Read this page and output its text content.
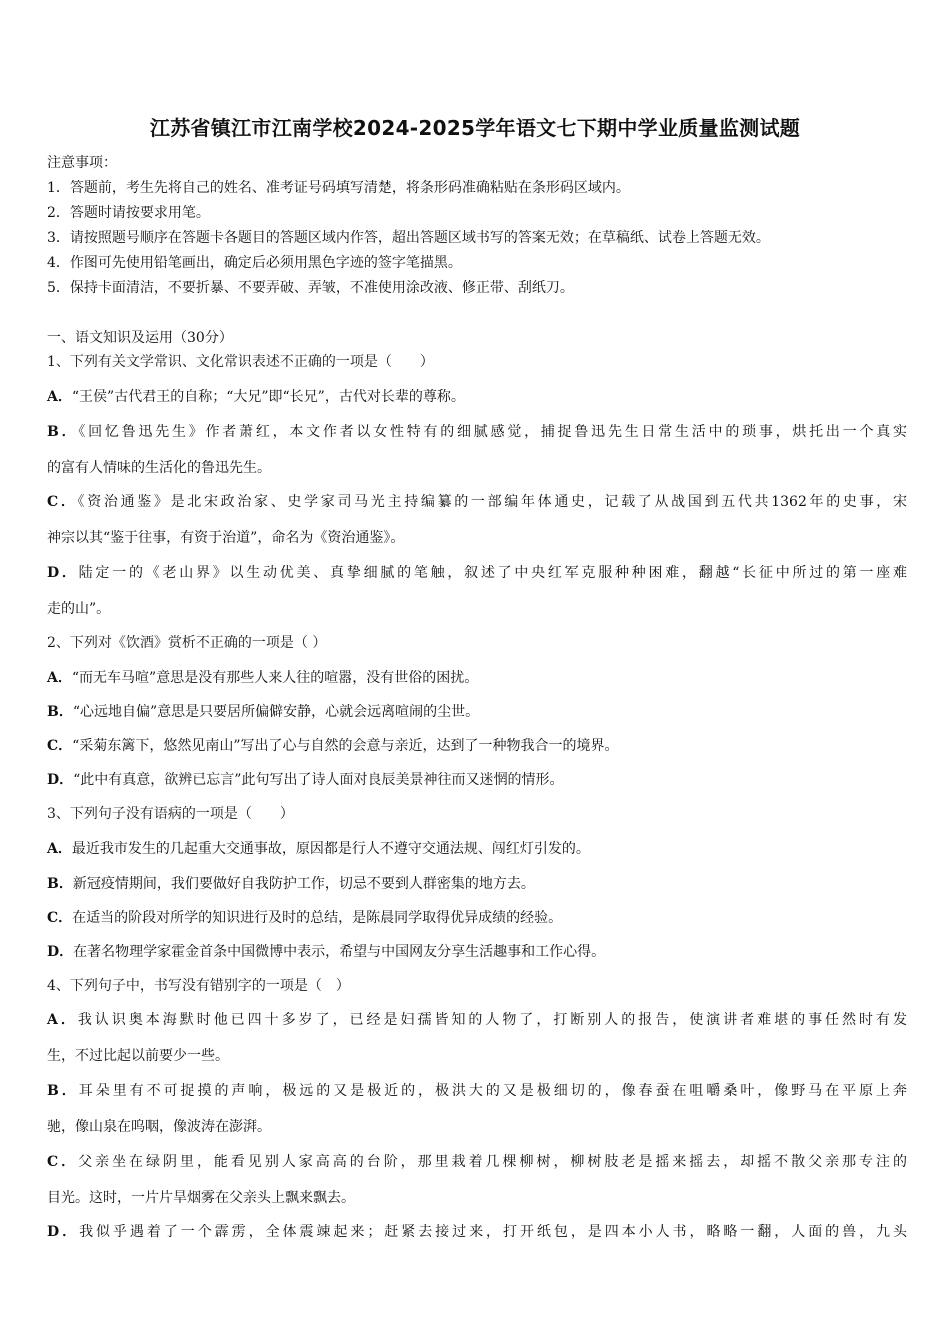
江苏省镇江市江南学校2024-2025学年语文七下期中学业质量监测试题
注意事项：
1．答题前，考生先将自己的姓名、准考证号码填写清楚，将条形码准确粘贴在条形码区域内。
2．答题时请按要求用笔。
3．请按照题号顺序在答题卡各题目的答题区域内作答，超出答题区域书写的答案无效；在草稿纸、试卷上答题无效。
4．作图可先使用铅笔画出，确定后必须用黑色字迹的签字笔描黑。
5．保持卡面清洁，不要折暴、不要弄破、弄皱，不准使用涂改液、修正带、刮纸刀。
一、语文知识及运用（30分）
1、下列有关文学常识、文化常识表述不正确的一项是（　　）
A．“王侯”古代君王的自称；“大兄”即“长兄”，古代对长辈的尊称。
B．《回忆鲁迅先生》作者萧红，本文作者以女性特有的细腻感觉，捕捉鲁迅先生日常生活中的琐事，烘托出一个真实
的富有人情味的生活化的鲁迅先生。
C．《资治通鉴》是北宋政治家、史学家司马光主持编纂的一部编年体通史，记载了从战国到五代共1362年的史事，宋
神宗以其“鉴于往事，有资于治道”，命名为《资治通鉴》。
D．陆定一的《老山界》以生动优美、真挚细腻的笔触，叙述了中央红军克服种种困难，翻越“长征中所过的第一座难
走的山”。
2、下列对《饮酒》赏析不正确的一项是（ ）
A．“而无车马喧”意思是没有那些人来人往的喧嚣，没有世俗的困扰。
B．“心远地自偏”意思是只要居所偏僻安静，心就会远离喧闹的尘世。
C．“采菊东篱下，悠然见南山”写出了心与自然的会意与亲近，达到了一种物我合一的境界。
D．“此中有真意，欲辨已忘言”此句写出了诗人面对良辰美景神往而又迷惘的情形。
3、下列句子没有语病的一项是（　　）
A．最近我市发生的几起重大交通事故，原因都是行人不遵守交通法规、闯红灯引发的。
B．新冠疫情期间，我们要做好自我防护工作，切忌不要到人群密集的地方去。
C．在适当的阶段对所学的知识进行及时的总结，是陈晨同学取得优异成绩的经验。
D．在著名物理学家霍金首条中国微博中表示，希望与中国网友分享生活趣事和工作心得。
4、下列句子中，书写没有错别字的一项是（　）
A．我认识奥本海默时他已四十多岁了，已经是妇孺皆知的人物了，打断别人的报告，使演讲者难堪的事任然时有发
生，不过比起以前要少一些。
B．耳朵里有不可捉摸的声响，极远的又是极近的，极洪大的又是极细切的，像春蚕在咀嚼桑叶，像野马在平原上奔
驰，像山泉在呜咽，像波涛在澎湃。
C．父亲坐在绿阴里，能看见别人家高高的台阶，那里栽着几棵柳树，柳树肢老是摇来摇去，却摇不散父亲那专注的
目光。这时，一片片旱烟雾在父亲头上飘来飘去。
D．我似乎遇着了一个霹雳，全体震竦起来；赶紧去接过来，打开纸包，是四本小人书，略略一翻，人面的兽，九头
